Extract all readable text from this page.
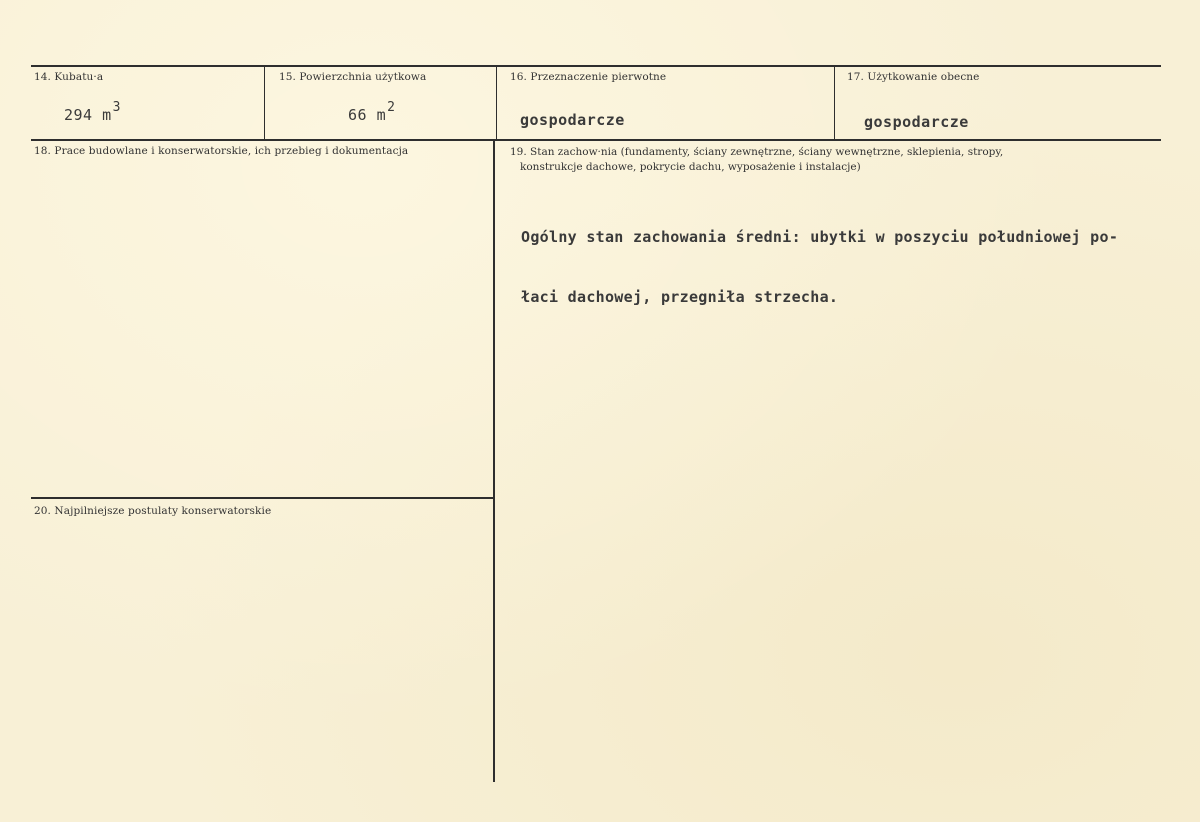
14. Kubatu·a
294 $m^3$
15. Powierzchnia użytkowa
66 $m^2$
16. Przeznaczenie pierwotne
gospodarcze
17. Użytkowanie obecne
gospodarcze
18. Prace budowlane i konserwatorskie, ich przebieg i dokumentacja	19. Stan zachow·nia (fundamenty, ściany zewnętrzne, ściany wewnętrzne, sklepienia, stropy,
konstrukcje dachowe, pokrycie dachu, wyposażenie i instalacje)

Ogólny stan zachowania średni: ubytki w poszyciu południowej po-

łaci dachowej, przegniła strzecha.

20. Najpilniejsze postulaty konserwatorskie
